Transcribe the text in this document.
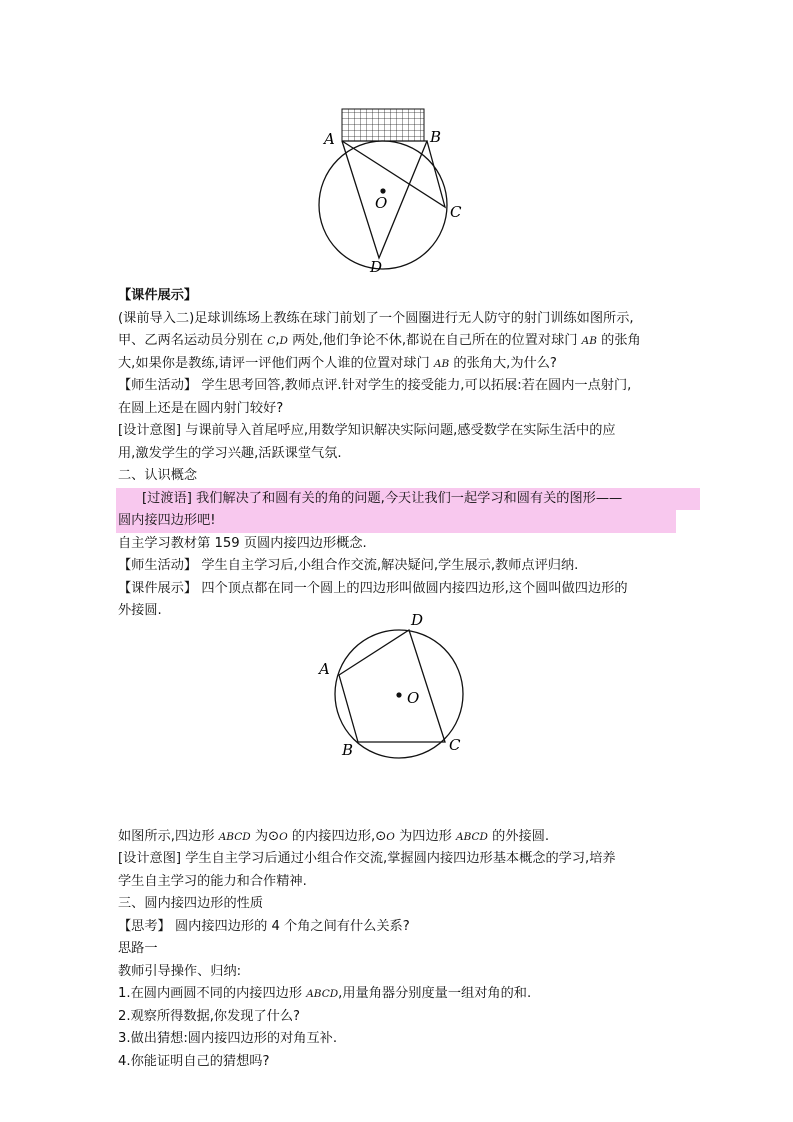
A	B
C
D
O
A
B	C
D
O
【课件展示】
(课前导入二)足球训练场上教练在球门前划了一个圆圈进行无人防守的射门训练如图所示,
甲、乙两名运动员分别在 C,D 两处,他们争论不休,都说在自己所在的位置对球门 AB 的张角
大,如果你是教练,请评一评他们两个人谁的位置对球门 AB 的张角大,为什么?
【师生活动】 学生思考回答,教师点评.针对学生的接受能力,可以拓展:若在圆内一点射门,
在圆上还是在圆内射门较好?
[设计意图] 与课前导入首尾呼应,用数学知识解决实际问题,感受数学在实际生活中的应
用,激发学生的学习兴趣,活跃课堂气氛.
二、认识概念
[过渡语] 我们解决了和圆有关的角的问题,今天让我们一起学习和圆有关的图形——
圆内接四边形吧!
自主学习教材第 159 页圆内接四边形概念.
【师生活动】 学生自主学习后,小组合作交流,解决疑问,学生展示,教师点评归纳.
【课件展示】 四个顶点都在同一个圆上的四边形叫做圆内接四边形,这个圆叫做四边形的
外接圆.
如图所示,四边形 ABCD 为⊙O 的内接四边形,⊙O 为四边形 ABCD 的外接圆.
[设计意图] 学生自主学习后通过小组合作交流,掌握圆内接四边形基本概念的学习,培养
学生自主学习的能力和合作精神.
三、圆内接四边形的性质
【思考】 圆内接四边形的 4 个角之间有什么关系?
思路一
教师引导操作、归纳:
1.在圆内画圆不同的内接四边形 ABCD,用量角器分别度量一组对角的和.
2.观察所得数据,你发现了什么?
3.做出猜想:圆内接四边形的对角互补.
4.你能证明自己的猜想吗?
